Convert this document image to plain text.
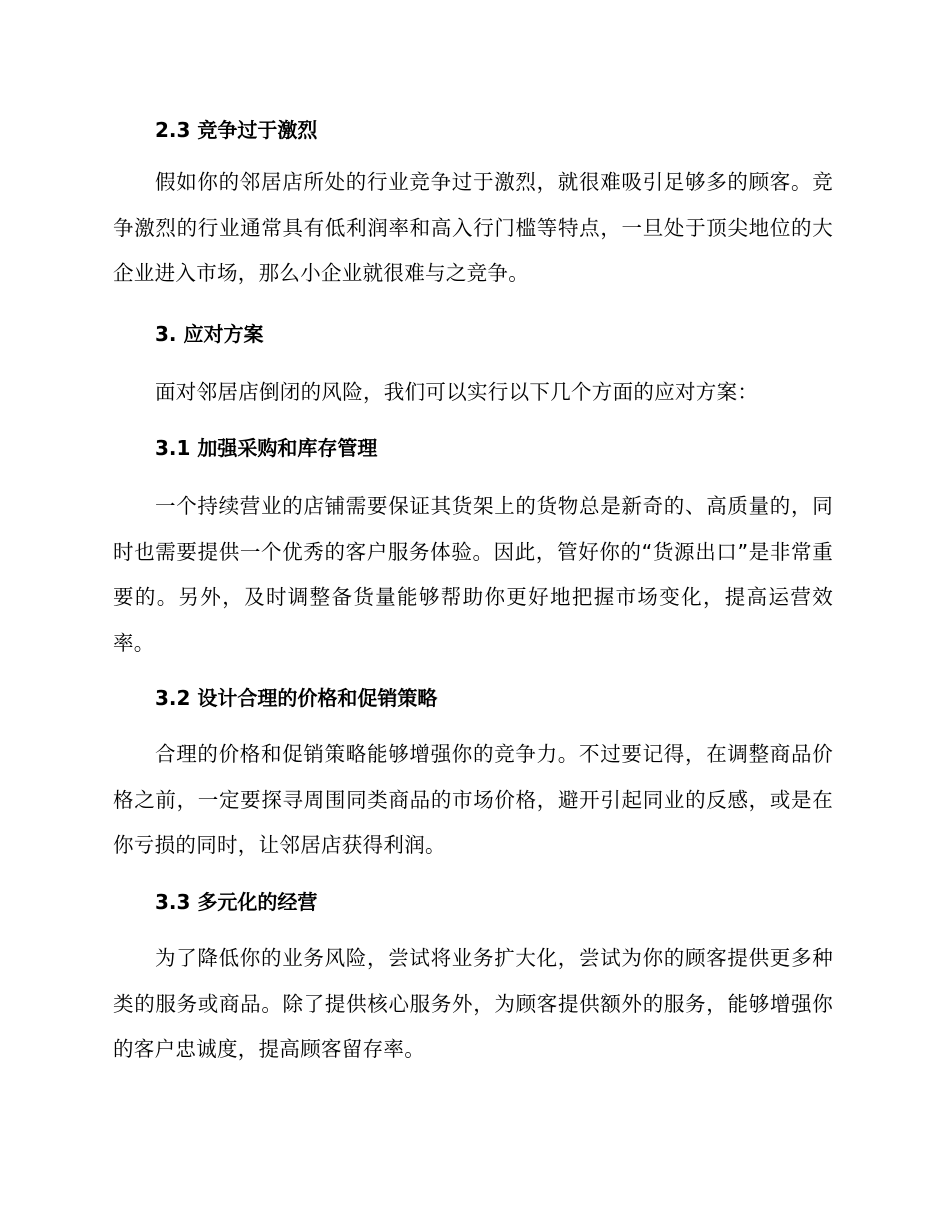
2.3 竞争过于激烈

假如你的邻居店所处的行业竞争过于激烈，就很难吸引足够多的顾客。竞争激烈的行业通常具有低利润率和高入行门槛等特点，一旦处于顶尖地位的大企业进入市场，那么小企业就很难与之竞争。

3. 应对方案

面对邻居店倒闭的风险，我们可以实行以下几个方面的应对方案：

3.1 加强采购和库存管理

一个持续营业的店铺需要保证其货架上的货物总是新奇的、高质量的，同时也需要提供一个优秀的客户服务体验。因此，管好你的“货源出口”是非常重要的。另外，及时调整备货量能够帮助你更好地把握市场变化，提高运营效率。

3.2 设计合理的价格和促销策略

合理的价格和促销策略能够增强你的竞争力。不过要记得，在调整商品价格之前，一定要探寻周围同类商品的市场价格，避开引起同业的反感，或是在你亏损的同时，让邻居店获得利润。

3.3 多元化的经营

为了降低你的业务风险，尝试将业务扩大化，尝试为你的顾客提供更多种类的服务或商品。除了提供核心服务外，为顾客提供额外的服务，能够增强你的客户忠诚度，提高顾客留存率。
